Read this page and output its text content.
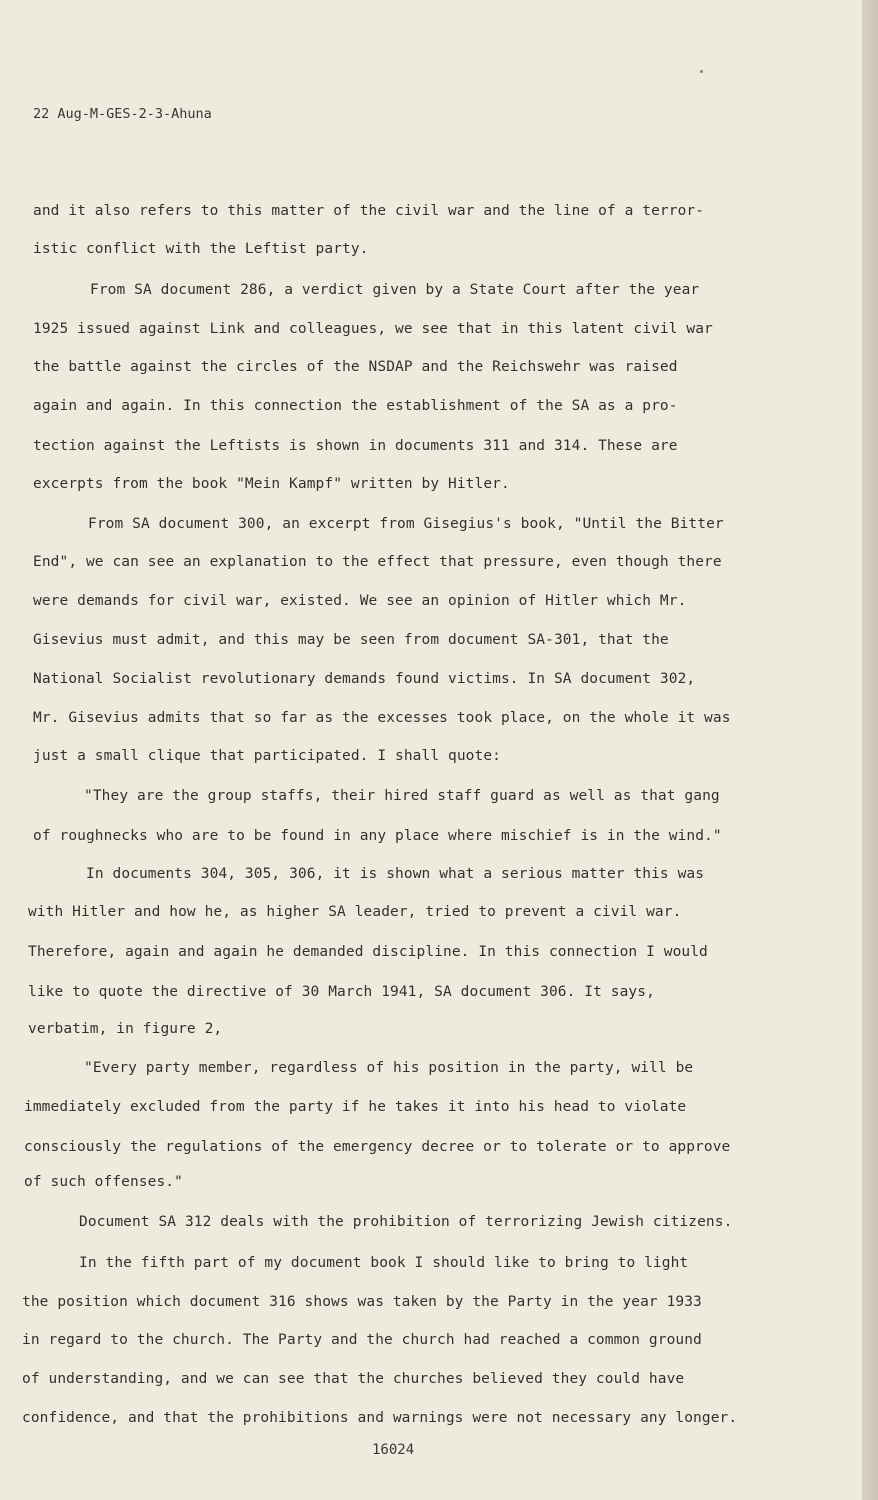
22 Aug-M-GES-2-3-Ahuna
and it also refers to this matter of the civil war and the line of a terror-
istic conflict with the Leftist party.
From SA document 286, a verdict given by a State Court after the year
1925 issued against Link and colleagues, we see that in this latent civil war
the battle against the circles of the NSDAP and the Reichswehr was raised
again and again. In this connection the establishment of the SA as a pro-
tection against the Leftists is shown in documents 311 and 314. These are
excerpts from the book "Mein Kampf" written by Hitler.
From SA document 300, an excerpt from Gisegius's book, "Until the Bitter
End", we can see an explanation to the effect that pressure, even though there
were demands for civil war, existed. We see an opinion of Hitler which Mr.
Gisevius must admit, and this may be seen from document SA-301, that the
National Socialist revolutionary demands found victims. In SA document 302,
Mr. Gisevius admits that so far as the excesses took place, on the whole it was
just a small clique that participated. I shall quote:
"They are the group staffs, their hired staff guard as well as that gang
of roughnecks who are to be found in any place where mischief is in the wind."
In documents 304, 305, 306, it is shown what a serious matter this was
with Hitler and how he, as higher SA leader, tried to prevent a civil war.
Therefore, again and again he demanded discipline. In this connection I would
like to quote the directive of 30 March 1941, SA document 306. It says,
verbatim, in figure 2,
"Every party member, regardless of his position in the party, will be
immediately excluded from the party if he takes it into his head to violate
consciously the regulations of the emergency decree or to tolerate or to approve
of such offenses."
Document SA 312 deals with the prohibition of terrorizing Jewish citizens.
In the fifth part of my document book I should like to bring to light
the position which document 316 shows was taken by the Party in the year 1933
in regard to the church. The Party and the church had reached a common ground
of understanding, and we can see that the churches believed they could have
confidence, and that the prohibitions and warnings were not necessary any longer.
16024
